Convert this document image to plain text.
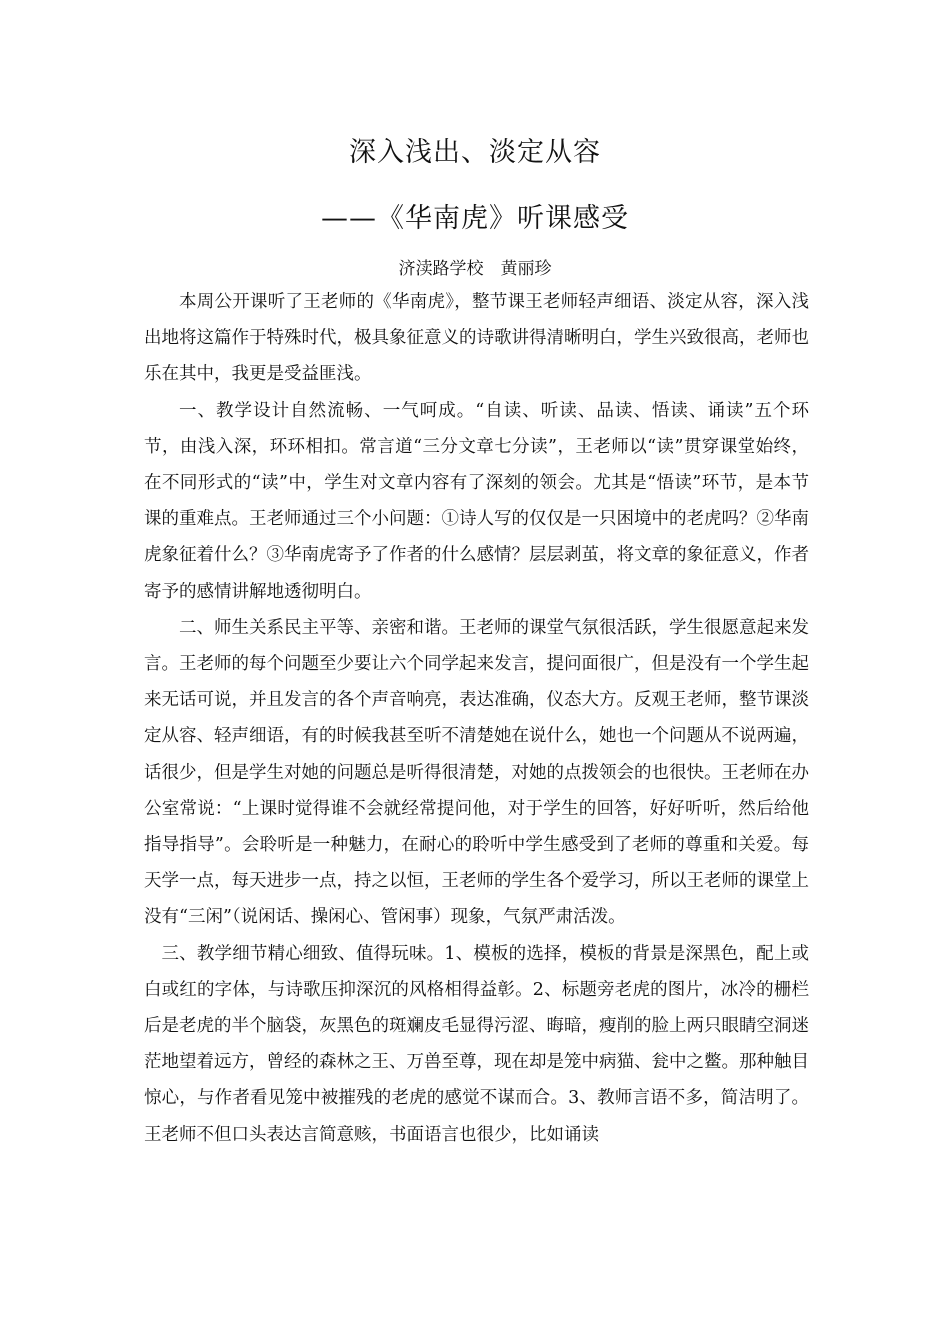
深入浅出、淡定从容
——《华南虎》听课感受

济渎路学校　黄丽珍

本周公开课听了王老师的《华南虎》，整节课王老师轻声细语、淡定从容，深入浅出地将这篇作于特殊时代，极具象征意义的诗歌讲得清晰明白，学生兴致很高，老师也乐在其中，我更是受益匪浅。

一、教学设计自然流畅、一气呵成。“自读、听读、品读、悟读、诵读”五个环节，由浅入深，环环相扣。常言道“三分文章七分读”，王老师以“读”贯穿课堂始终，在不同形式的“读”中，学生对文章内容有了深刻的领会。尤其是“悟读”环节，是本节课的重难点。王老师通过三个小问题：①诗人写的仅仅是一只困境中的老虎吗？②华南虎象征着什么？③华南虎寄予了作者的什么感情？层层剥茧，将文章的象征意义，作者寄予的感情讲解地透彻明白。

二、师生关系民主平等、亲密和谐。王老师的课堂气氛很活跃，学生很愿意起来发言。王老师的每个问题至少要让六个同学起来发言，提问面很广，但是没有一个学生起来无话可说，并且发言的各个声音响亮，表达准确，仪态大方。反观王老师，整节课淡定从容、轻声细语，有的时候我甚至听不清楚她在说什么，她也一个问题从不说两遍，话很少，但是学生对她的问题总是听得很清楚，对她的点拨领会的也很快。王老师在办公室常说：“上课时觉得谁不会就经常提问他，对于学生的回答，好好听听，然后给他指导指导”。会聆听是一种魅力，在耐心的聆听中学生感受到了老师的尊重和关爱。每天学一点，每天进步一点，持之以恒，王老师的学生各个爱学习，所以王老师的课堂上没有“三闲”（说闲话、操闲心、管闲事）现象，气氛严肃活泼。

三、教学细节精心细致、值得玩味。1、模板的选择，模板的背景是深黑色，配上或白或红的字体，与诗歌压抑深沉的风格相得益彰。2、标题旁老虎的图片，冰冷的栅栏后是老虎的半个脑袋，灰黑色的斑斓皮毛显得污涩、晦暗，瘦削的脸上两只眼睛空洞迷茫地望着远方，曾经的森林之王、万兽至尊，现在却是笼中病猫、瓮中之鳖。那种触目惊心，与作者看见笼中被摧残的老虎的感觉不谋而合。3、教师言语不多，简洁明了。王老师不但口头表达言简意赅，书面语言也很少，比如诵读
